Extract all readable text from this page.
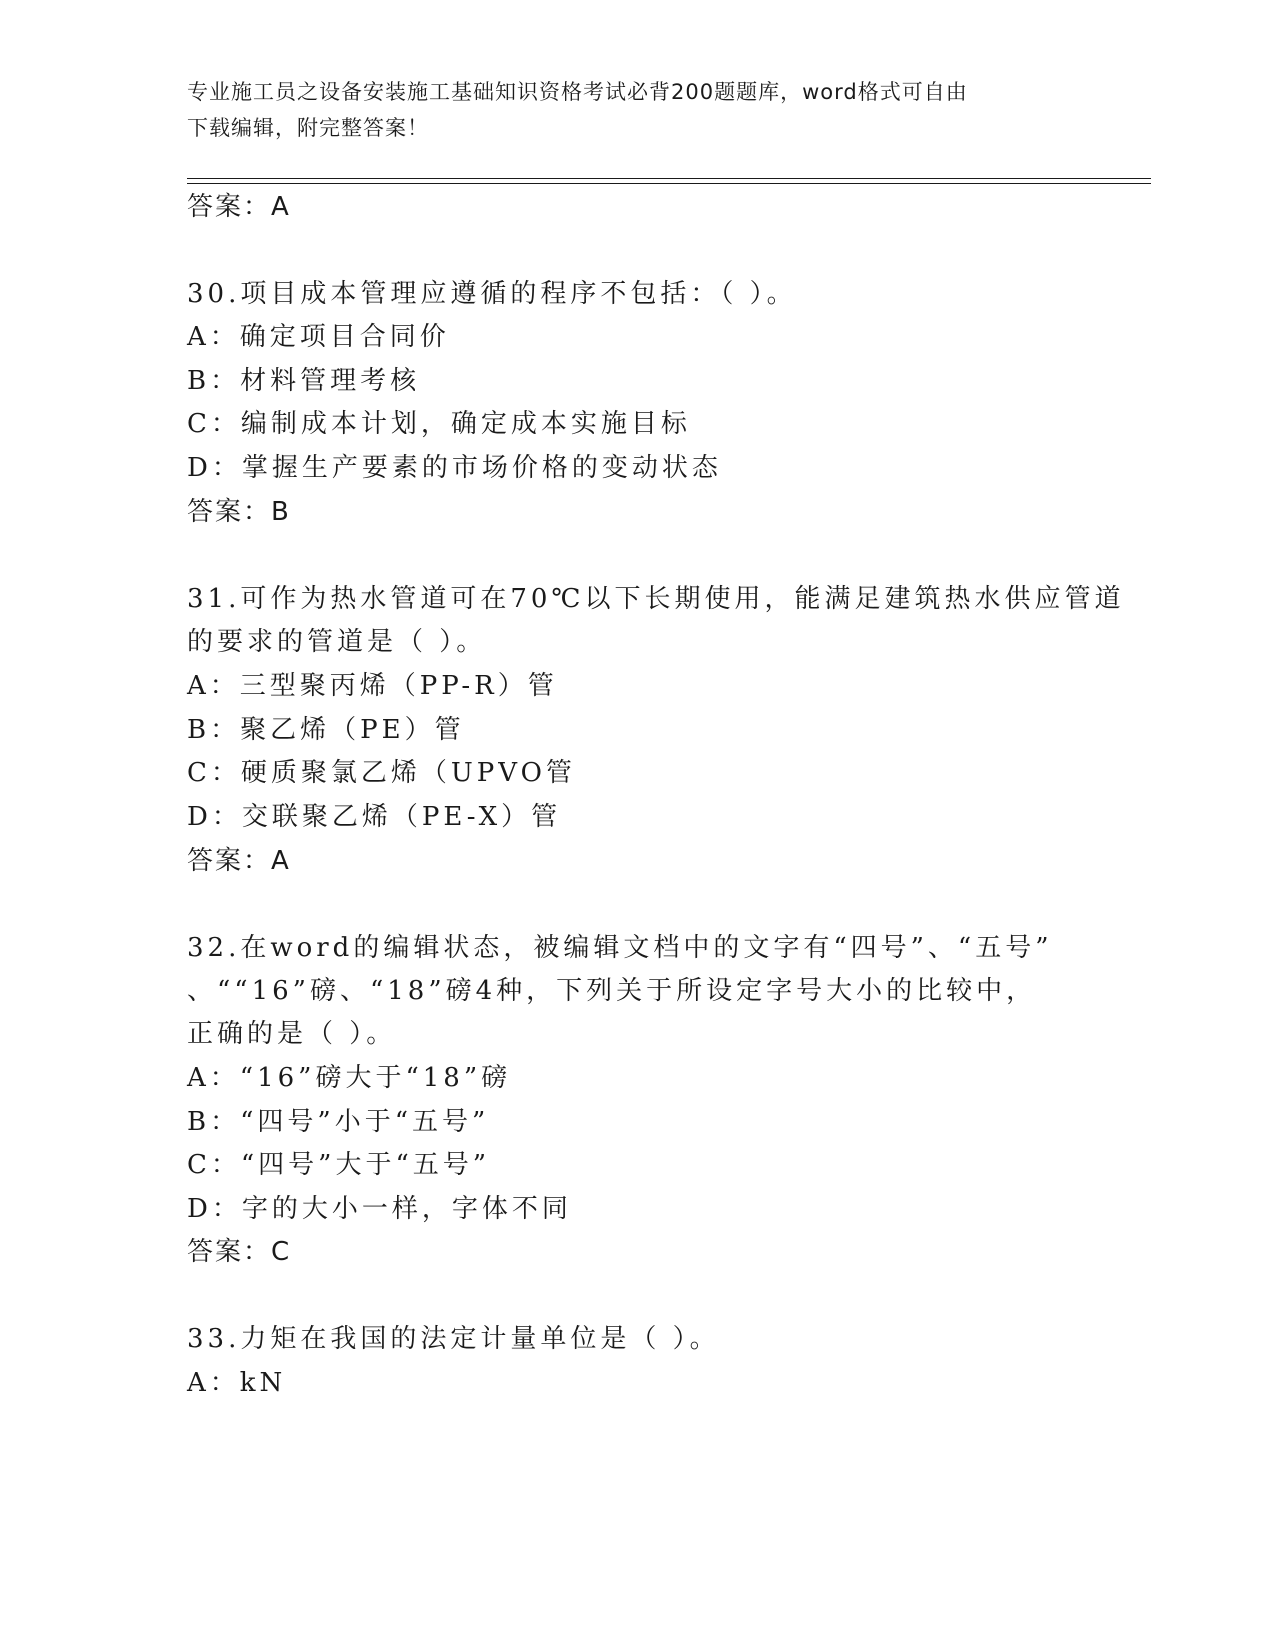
专业施工员之设备安装施工基础知识资格考试必背200题题库，word格式可自由
下载编辑，附完整答案！
答案：A
30.项目成本管理应遵循的程序不包括：（ ）。
A：确定项目合同价
B：材料管理考核
C：编制成本计划，确定成本实施目标
D：掌握生产要素的市场价格的变动状态
答案：B
31.可作为热水管道可在70℃以下长期使用，能满足建筑热水供应管道
的要求的管道是（ ）。
A：三型聚丙烯（PP-R）管
B：聚乙烯（PE）管
C：硬质聚氯乙烯（UPVO管
D：交联聚乙烯（PE-X）管
答案：A
32.在word的编辑状态，被编辑文档中的文字有“四号”、“五号”
、““16”磅、“18”磅4种，下列关于所设定字号大小的比较中，
正确的是（ ）。
A：“16”磅大于“18”磅
B：“四号”小于“五号”
C：“四号”大于“五号”
D：字的大小一样，字体不同
答案：C
33.力矩在我国的法定计量单位是（ ）。
A：kN
